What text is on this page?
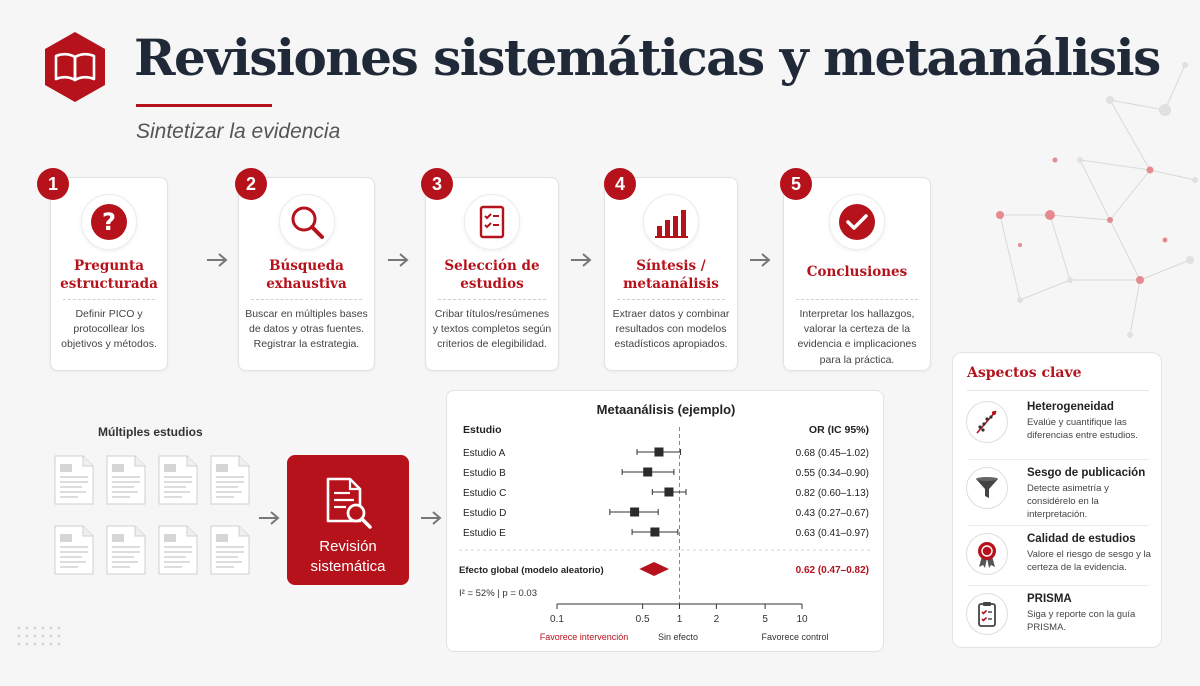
Revisiones sistemáticas y metaanálisis
Sintetizar la evidencia
1
?
Pregunta estructurada
Definir PICO y protocollear los objetivos y métodos.
2
Búsqueda exhaustiva
Buscar en múltiples bases de datos y otras fuentes. Registrar la estrategia.
3
Selección de estudios
Cribar títulos/resúmenes y textos completos según criterios de elegibilidad.
4
Síntesis / metaanálisis
Extraer datos y combinar resultados con modelos estadísticos apropiados.
5
Conclusiones
Interpretar los hallazgos, valorar la certeza de la evidencia e implicaciones para la práctica.
Múltiples estudios
Revisión sistemática
Metaanálisis (ejemplo)
Estudio	OR (IC 95%)
Estudio A	0.68 (0.45–1.02)
Estudio B	0.55 (0.34–0.90)
Estudio C	0.82 (0.60–1.13)
Estudio D	0.43 (0.27–0.67)
Estudio E	0.63 (0.41–0.97)
Efecto global (modelo aleatorio)	0.62 (0.47–0.82)
I² = 52% | p = 0.03
0.1	0.5	1	2	5	10
Favorece intervención	Sin efecto	Favorece control
Aspectos clave
Heterogeneidad
Evalúe y cuantifique las diferencias entre estudios.
Sesgo de publicación
Detecte asimetría y considérelo en la interpretación.
Calidad de estudios
Valore el riesgo de sesgo y la certeza de la evidencia.
PRISMA
Siga y reporte con la guía PRISMA.
